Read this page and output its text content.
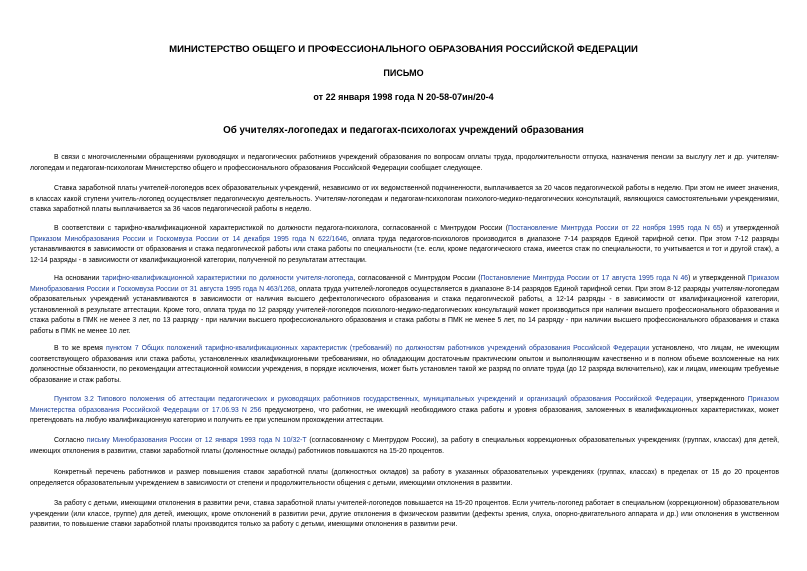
МИНИСТЕРСТВО ОБЩЕГО И ПРОФЕССИОНАЛЬНОГО ОБРАЗОВАНИЯ РОССИЙСКОЙ ФЕДЕРАЦИИ
ПИСЬМО
от 22 января 1998 года N 20-58-07ин/20-4
Об учителях-логопедах и педагогах-психологах учреждений образования
В связи с многочисленными обращениями руководящих и педагогических работников учреждений образования по вопросам оплаты труда, продолжительности отпуска, назначения пенсии за выслугу лет и др. учителям-логопедам и педагогам-психологам Министерство общего и профессионального образования Российской Федерации сообщает следующее.
Ставка заработной платы учителей-логопедов всех образовательных учреждений, независимо от их ведомственной подчиненности, выплачивается за 20 часов педагогической работы в неделю. При этом не имеет значения, в классах какой ступени учитель-логопед осуществляет педагогическую деятельность. Учителям-логопедам и педагогам-психологам психолого-медико-педагогических консультаций, являющихся самостоятельными учреждениями, ставка заработной платы выплачивается за 36 часов педагогической работы в неделю.
В соответствии с тарифно-квалификационной характеристикой по должности педагога-психолога, согласованной с Минтрудом России (Постановление Минтруда России от 22 ноября 1995 года N 65) и утвержденной Приказом Минобразования России и Госкомвуза России от 14 декабря 1995 года N 622/1646, оплата труда педагогов-психологов производится в диапазоне 7-14 разрядов Единой тарифной сетки. При этом 7-12 разряды устанавливаются в зависимости от образования и стажа педагогической работы или стажа работы по специальности (т.е. если, кроме педагогического стажа, имеется стаж по специальности, то учитывается и тот и другой стаж), а 12-14 разряды - в зависимости от квалификационной категории, полученной по результатам аттестации.
На основании тарифно-квалификационной характеристики по должности учителя-логопеда, согласованной с Минтрудом России (Постановление Минтруда России от 17 августа 1995 года N 46) и утвержденной Приказом Минобразования России и Госкомвуза России от 31 августа 1995 года N 463/1268, оплата труда учителей-логопедов осуществляется в диапазоне 8-14 разрядов Единой тарифной сетки. При этом 8-12 разряды учителям-логопедам образовательных учреждений устанавливаются в зависимости от наличия высшего дефектологического образования и стажа педагогической работы, а 12-14 разряды - в зависимости от квалификационной категории, установленной в результате аттестации. Кроме того, оплата труда по 12 разряду учителей-логопедов психолого-медико-педагогических консультаций может производиться при наличии высшего профессионального образования и стажа работы в ПМК не менее 3 лет, по 13 разряду - при наличии высшего профессионального образования и стажа работы в ПМК не менее 5 лет, по 14 разряду - при наличии высшего профессионального образования и стажа работы в ПМК не менее 10 лет.
В то же время пунктом 7 Общих положений тарифно-квалификационных характеристик (требований) по должностям работников учреждений образования Российской Федерации установлено, что лицам, не имеющим соответствующего образования или стажа работы, установленных квалификационными требованиями, но обладающим достаточным практическим опытом и выполняющим качественно и в полном объеме возложенные на них должностные обязанности, по рекомендации аттестационной комиссии учреждения, в порядке исключения, может быть установлен такой же разряд по оплате труда (до 12 разряда включительно), как и лицам, имеющим требуемые образование и стаж работы.
Пунктом 3.2 Типового положения об аттестации педагогических и руководящих работников государственных, муниципальных учреждений и организаций образования Российской Федерации, утвержденного Приказом Министерства образования Российской Федерации от 17.06.93 N 256 предусмотрено, что работник, не имеющий необходимого стажа работы и уровня образования, заложенных в квалификационных характеристиках, может претендовать на любую квалификационную категорию и получить ее при успешном прохождении аттестации.
Согласно письму Минобразования России от 12 января 1993 года N 10/32-Т (согласованному с Минтрудом России), за работу в специальных коррекционных образовательных учреждениях (группах, классах) для детей, имеющих отклонения в развитии, ставки заработной платы (должностные оклады) работников повышаются на 15-20 процентов.
Конкретный перечень работников и размер повышения ставок заработной платы (должностных окладов) за работу в указанных образовательных учреждениях (группах, классах) в пределах от 15 до 20 процентов определяется образовательным учреждением в зависимости от степени и продолжительности общения с детьми, имеющими отклонения в развитии.
За работу с детьми, имеющими отклонения в развитии речи, ставка заработной платы учителей-логопедов повышается на 15-20 процентов. Если учитель-логопед работает в специальном (коррекционном) образовательном учреждении (или классе, группе) для детей, имеющих, кроме отклонений в развитии речи, другие отклонения в физическом развитии (дефекты зрения, слуха, опорно-двигательного аппарата и др.) или отклонения в умственном развитии, то повышение ставки заработной платы производится только за работу с детьми, имеющими отклонения в развитии речи.
